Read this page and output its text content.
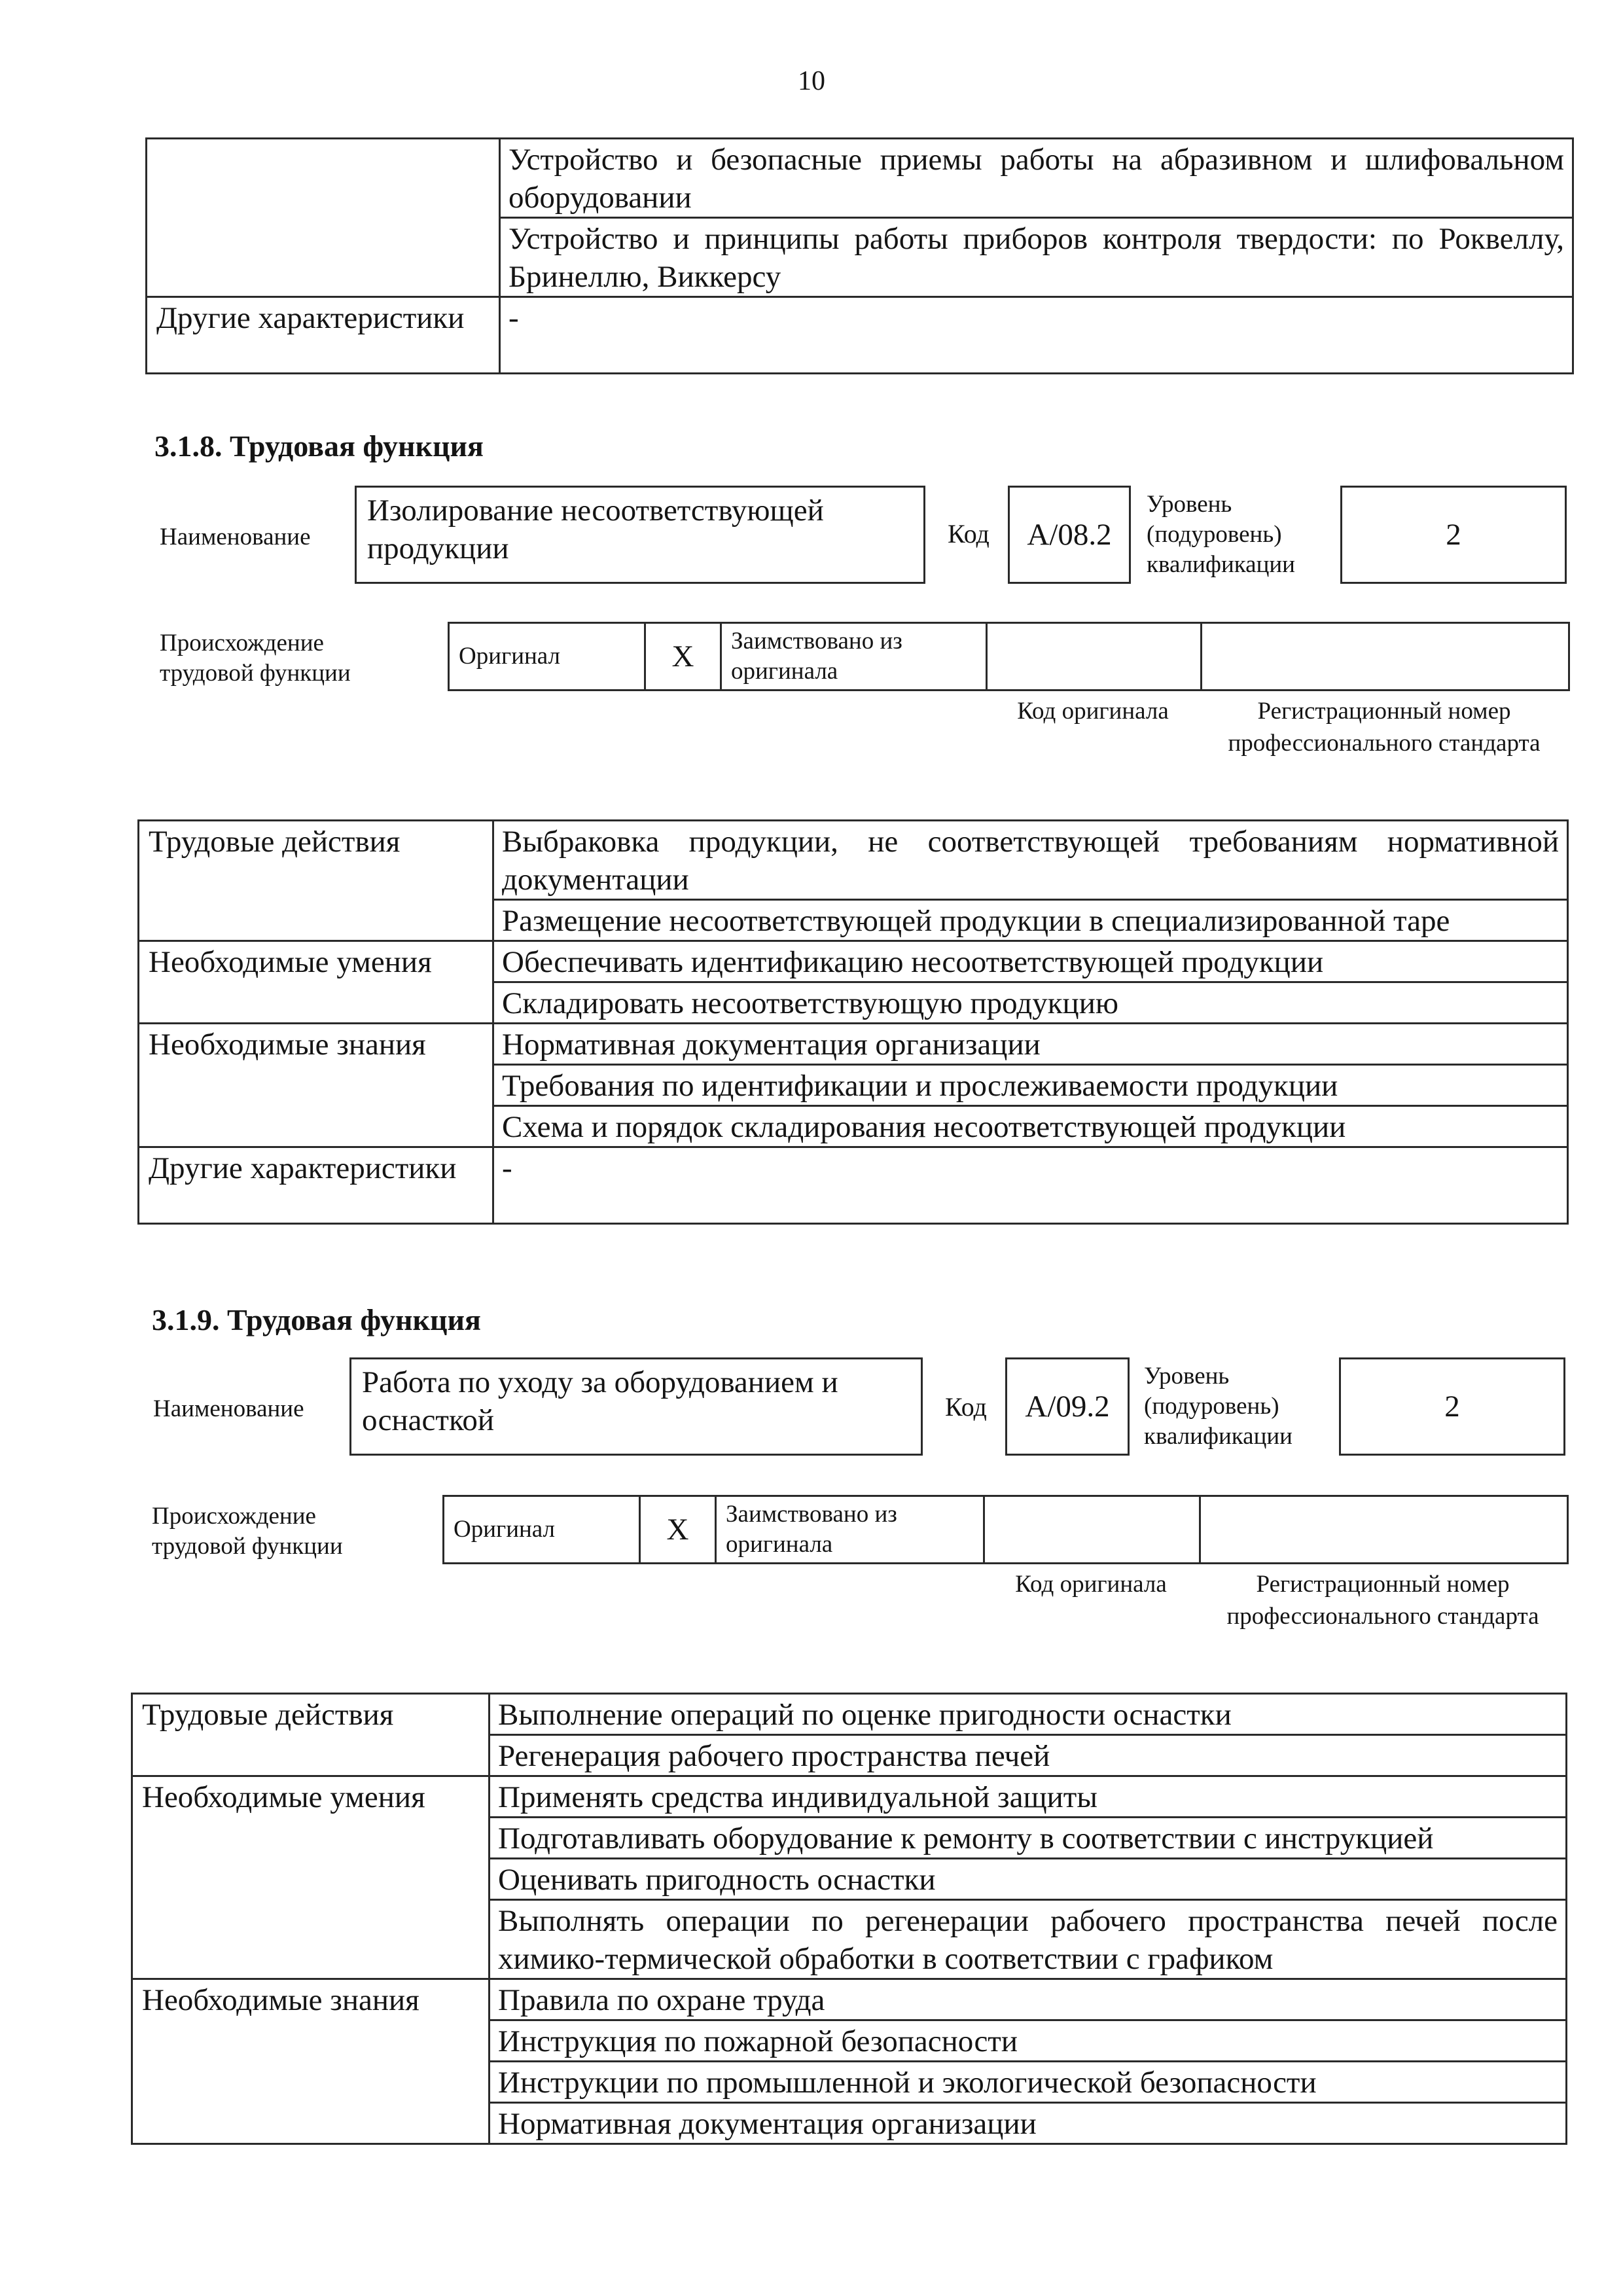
10
	Устройство и безопасные приемы работы на абразивном и шлифовальном оборудовании
	Устройство и принципы работы приборов контроля твердости: по Роквеллу, Бринеллю, Виккерсу
Другие характеристики	-
3.1.8. Трудовая функция
Наименование
Изолирование несоответствующей продукции	Код А/08.2
Уровень (подуровень) квалификации
2
Происхождение трудовой функции
Оригинал	X	Заимствовано из оригинала		
Код оригинала	Регистрационный номер профессионального стандарта
Трудовые действия	Выбраковка продукции, не соответствующей требованиям нормативной документации
	Размещение несоответствующей продукции в специализированной таре
Необходимые умения	Обеспечивать идентификацию несоответствующей продукции
	Складировать несоответствующую продукцию
Необходимые знания	Нормативная документация организации
	Требования по идентификации и прослеживаемости продукции
	Схема и порядок складирования несоответствующей продукции
Другие характеристики	-
3.1.9. Трудовая функция
Наименование
Работа по уходу за оборудованием и оснасткой	Код А/09.2
Уровень (подуровень) квалификации
2
Происхождение трудовой функции
Оригинал	X	Заимствовано из оригинала		
Код оригинала	Регистрационный номер профессионального стандарта
Трудовые действия	Выполнение операций по оценке пригодности оснастки
	Регенерация рабочего пространства печей
Необходимые умения	Применять средства индивидуальной защиты
	Подготавливать оборудование к ремонту в соответствии с инструкцией
	Оценивать пригодность оснастки
	Выполнять операции по регенерации рабочего пространства печей после химико-термической обработки в соответствии с графиком
Необходимые знания	Правила по охране труда
	Инструкция по пожарной безопасности
	Инструкции по промышленной и экологической безопасности
	Нормативная документация организации
